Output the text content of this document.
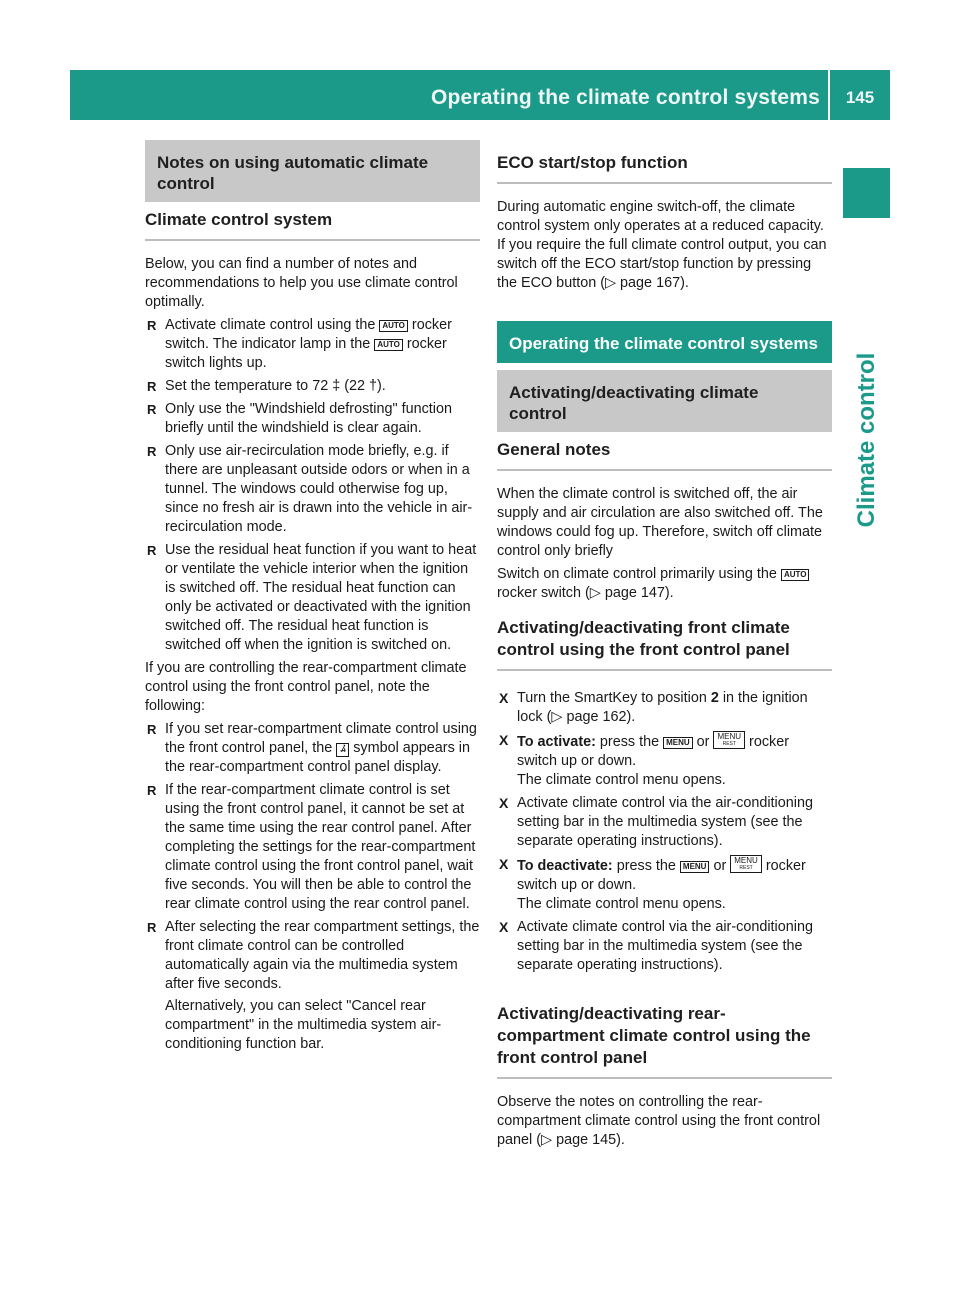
Operating the climate control systems	145
Climate control
Notes on using automatic climate control
Climate control system

Below, you can find a number of notes and recommendations to help you use climate control optimally.

R Activate climate control using the AUTO rocker switch. The indicator lamp in the AUTO rocker switch lights up.
R Set the temperature to 72 ‡ (22 †).
R Only use the "Windshield defrosting" function briefly until the windshield is clear again.
R Only use air-recirculation mode briefly, e.g. if there are unpleasant outside odors or when in a tunnel. The windows could otherwise fog up, since no fresh air is drawn into the vehicle in air-recirculation mode.
R Use the residual heat function if you want to heat or ventilate the vehicle interior when the ignition is switched off. The residual heat function can only be activated or deactivated with the ignition switched off. The residual heat function is switched off when the ignition is switched on.

If you are controlling the rear-compartment climate control using the front control panel, note the following:

R If you set rear-compartment climate control using the front control panel, the ﾑ symbol appears in the rear-compartment control panel display.
R If the rear-compartment climate control is set using the front control panel, it cannot be set at the same time using the rear control panel. After completing the settings for the rear-compartment climate control using the front control panel, wait five seconds. You will then be able to control the rear climate control using the rear control panel.
R After selecting the rear compartment settings, the front climate control can be controlled automatically again via the multimedia system after five seconds.

Alternatively, you can select "Cancel rear compartment" in the multimedia system air-conditioning function bar.

ECO start/stop function

During automatic engine switch-off, the climate control system only operates at a reduced capacity. If you require the full climate control output, you can switch off the ECO start/stop function by pressing the ECO button (▷ page 167).

Operating the climate control systems
Activating/deactivating climate control
General notes

When the climate control is switched off, the air supply and air circulation are also switched off. The windows could fog up. Therefore, switch off climate control only briefly

Switch on climate control primarily using the AUTO rocker switch (▷ page 147).

Activating/deactivating front climate control using the front control panel
X Turn the SmartKey to position 2 in the ignition lock (▷ page 162).
X To activate: press the MENU or MENU
REST rocker switch up or down.
The climate control menu opens.
X Activate climate control via the air-conditioning setting bar in the multimedia system (see the separate operating instructions).
X To deactivate: press the MENU or MENU
REST rocker switch up or down.
The climate control menu opens.
X Activate climate control via the air-conditioning setting bar in the multimedia system (see the separate operating instructions).
Activating/deactivating rear-compartment climate control using the front control panel

Observe the notes on controlling the rear-compartment climate control using the front control panel (▷ page 145).
